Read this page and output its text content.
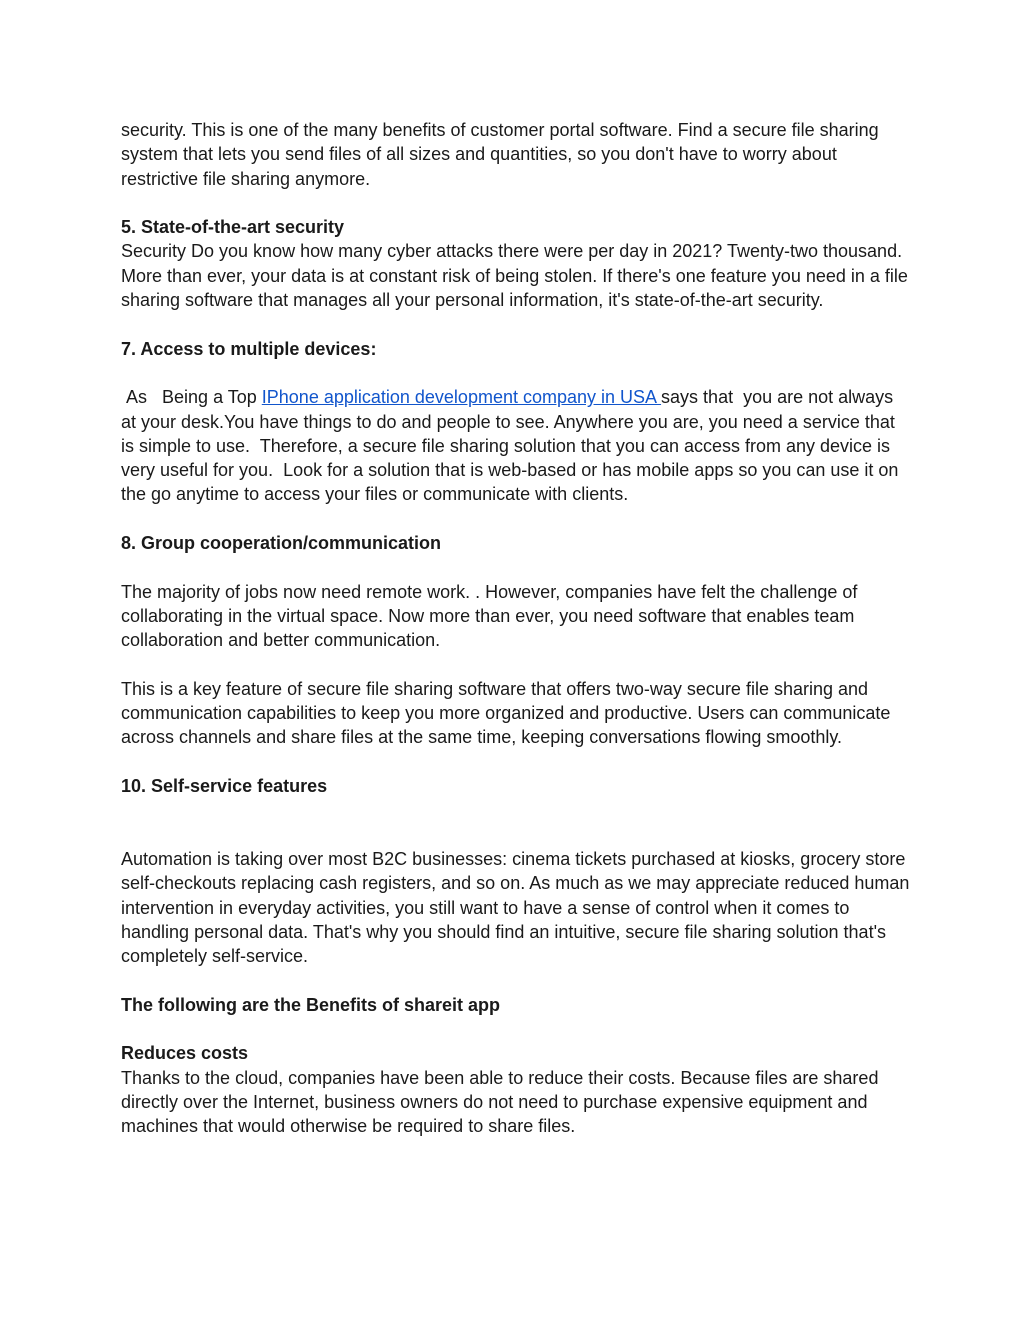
security. This is one of the many benefits of customer portal software. Find a secure file sharing system that lets you send files of all sizes and quantities, so you don't have to worry about restrictive file sharing anymore.

5. State-of-the-art security

Security Do you know how many cyber attacks there were per day in 2021? Twenty-two thousand. More than ever, your data is at constant risk of being stolen. If there's one feature you need in a file sharing software that manages all your personal information, it's state-of-the-art security.

7. Access to multiple devices:

As   Being a Top IPhone application development company in USA says that  you are not always at your desk.You have things to do and people to see. Anywhere you are, you need a service that is simple to use.  Therefore, a secure file sharing solution that you can access from any device is very useful for you.  Look for a solution that is web-based or has mobile apps so you can use it on the go anytime to access your files or communicate with clients.

8. Group cooperation/communication

The majority of jobs now need remote work. . However, companies have felt the challenge of collaborating in the virtual space. Now more than ever, you need software that enables team collaboration and better communication.

This is a key feature of secure file sharing software that offers two-way secure file sharing and communication capabilities to keep you more organized and productive. Users can communicate across channels and share files at the same time, keeping conversations flowing smoothly.

10. Self-service features

Automation is taking over most B2C businesses: cinema tickets purchased at kiosks, grocery store self-checkouts replacing cash registers, and so on. As much as we may appreciate reduced human intervention in everyday activities, you still want to have a sense of control when it comes to handling personal data. That's why you should find an intuitive, secure file sharing solution that's completely self-service.

The following are the Benefits of shareit app

Reduces costs

Thanks to the cloud, companies have been able to reduce their costs. Because files are shared directly over the Internet, business owners do not need to purchase expensive equipment and machines that would otherwise be required to share files.
